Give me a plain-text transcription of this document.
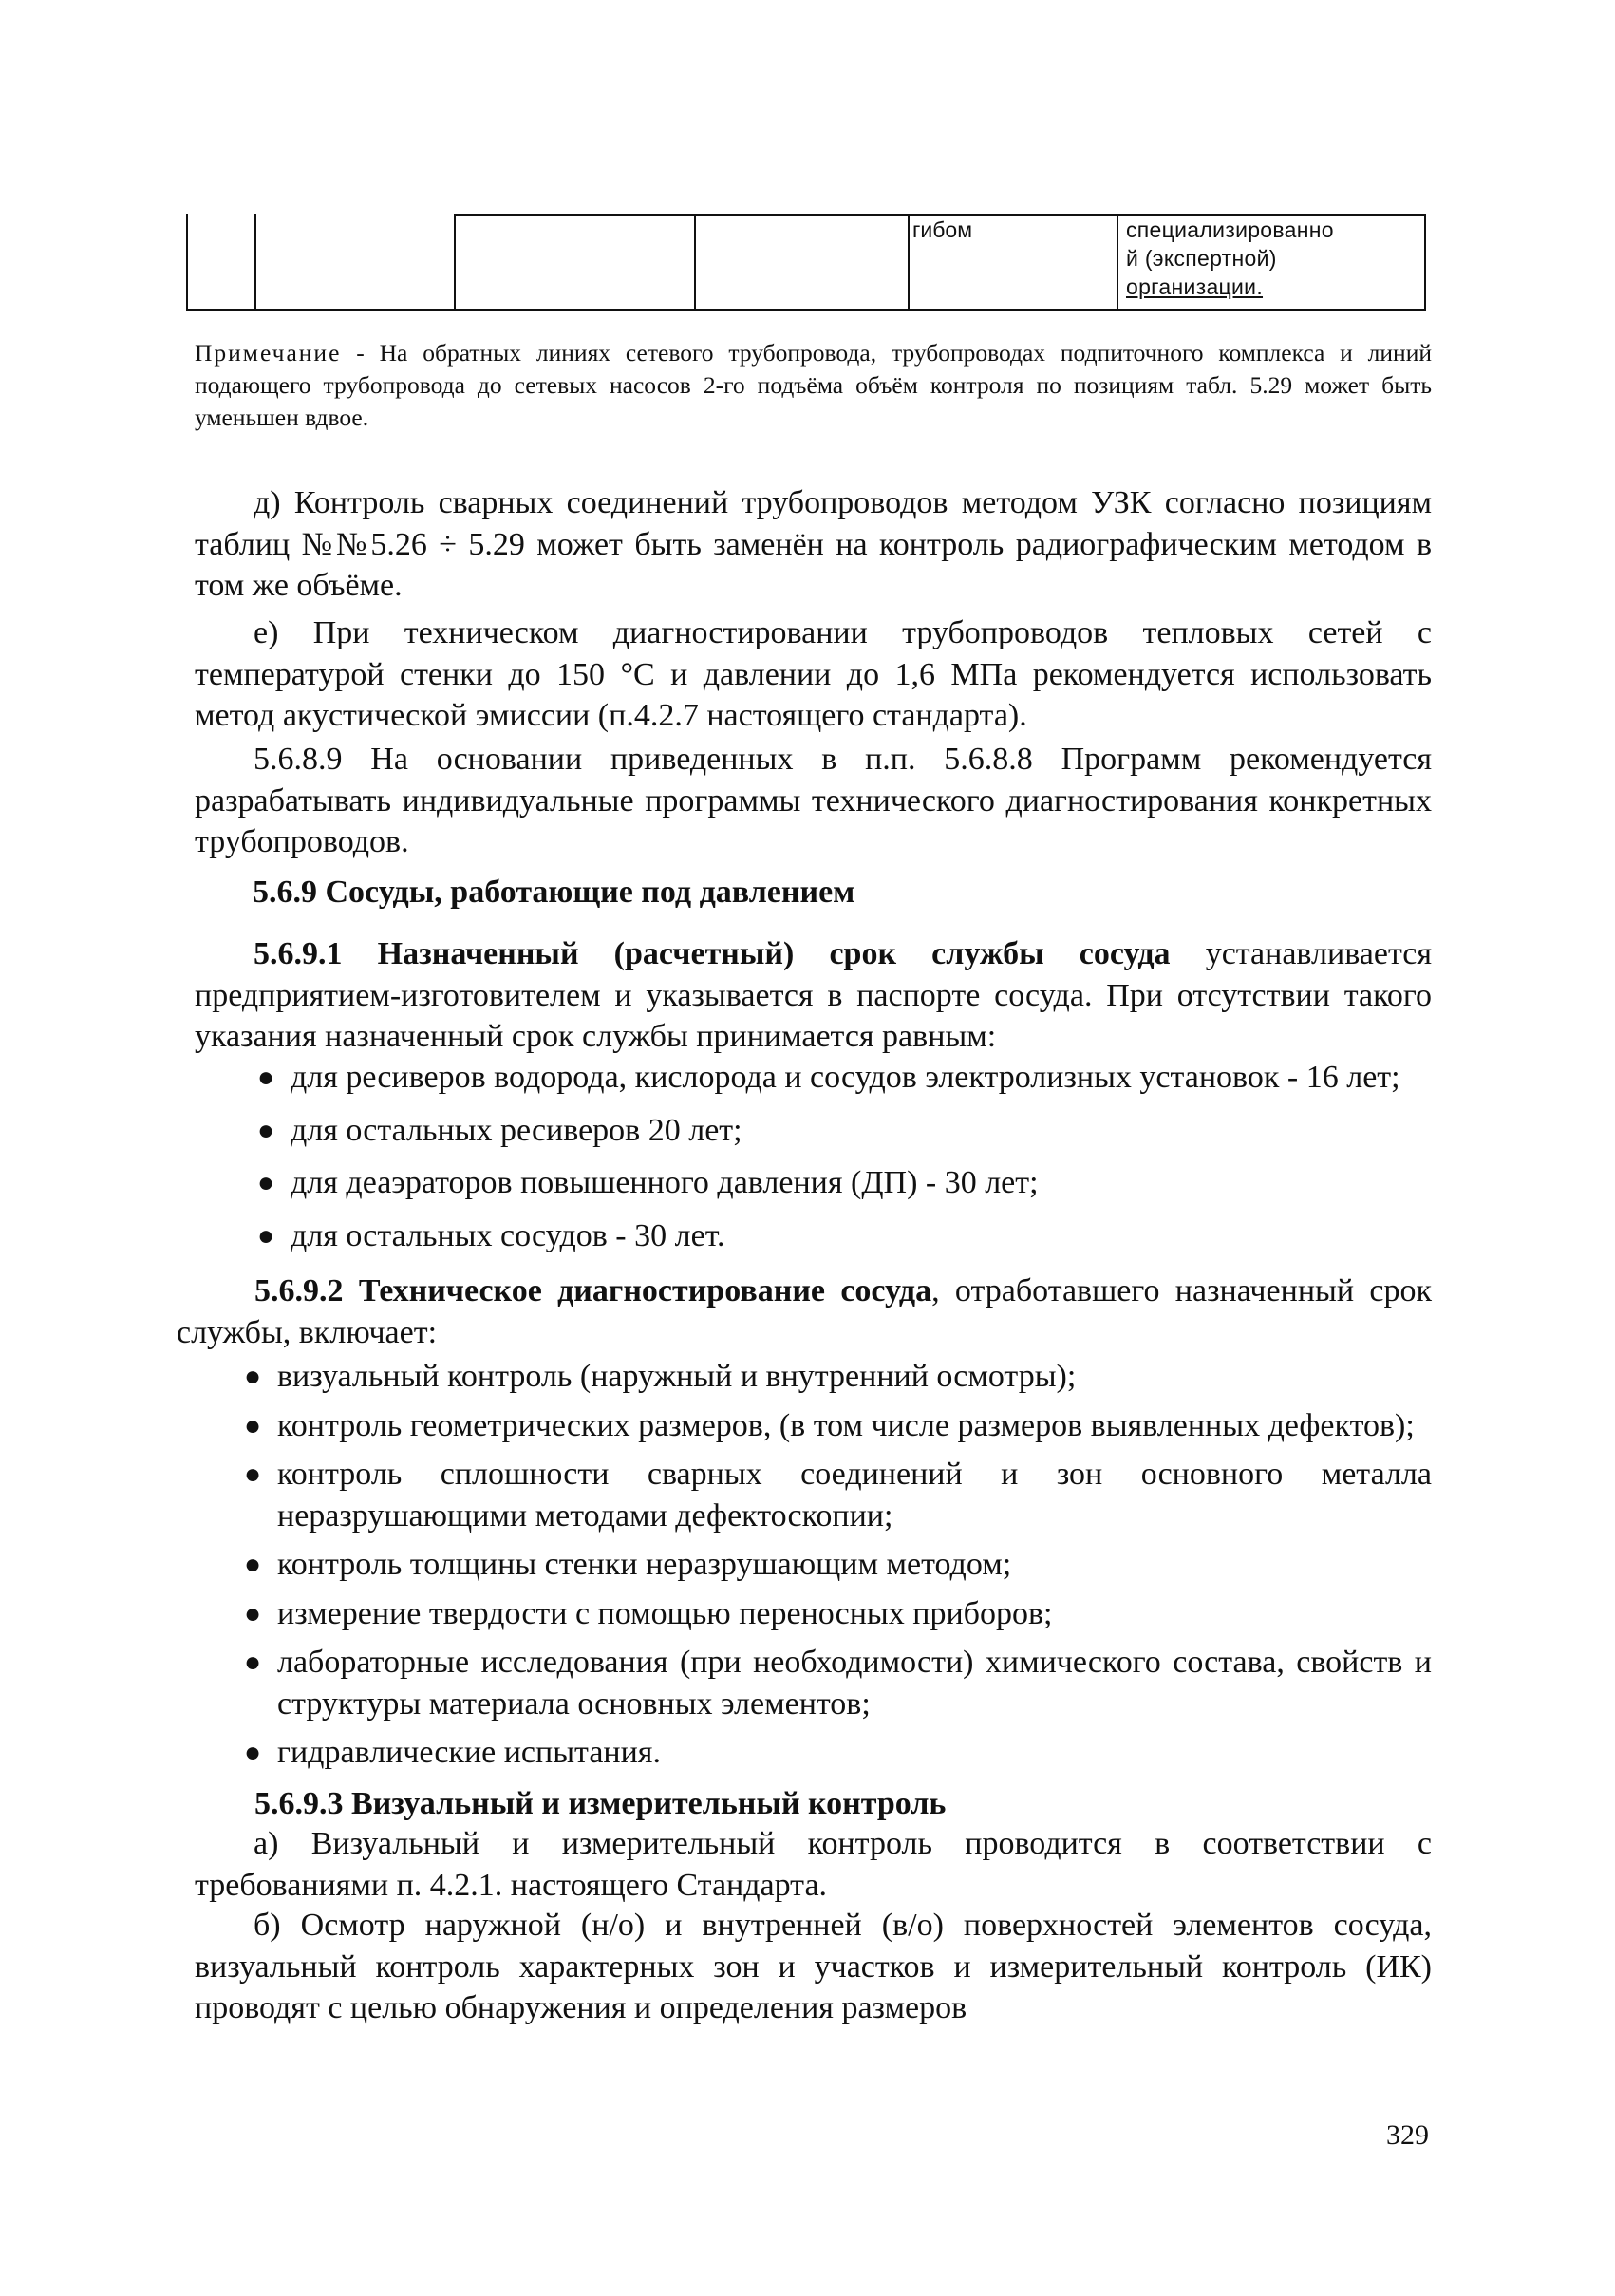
гибом	специализированно
й (экспертной)
организации.
Примечание - На обратных линиях сетевого трубопровода, трубопроводах подпиточного комплекса и линий подающего трубопровода до сетевых насосов 2-го подъёма объём контроля по позициям табл. 5.29 может быть уменьшен вдвое.

д) Контроль сварных соединений трубопроводов методом УЗК согласно позициям таблиц №№5.26 ÷ 5.29 может быть заменён на контроль радиографическим методом в том же объёме.

е) При техническом диагностировании трубопроводов тепловых сетей с температурой стенки до 150 °С и давлении до 1,6 МПа рекомендуется использовать метод акустической эмиссии (п.4.2.7 настоящего стандарта).

5.6.8.9 На основании приведенных в п.п. 5.6.8.8 Программ рекомендуется разрабатывать индивидуальные программы технического диагностирования конкретных трубопроводов.

5.6.9 Сосуды, работающие под давлением

5.6.9.1 Назначенный (расчетный) срок службы сосуда устанавливается предприятием-изготовителем и указывается в паспорте сосуда. При отсутствии такого указания назначенный срок службы принимается равным:

● для ресиверов водорода, кислорода и сосудов электролизных установок - 16 лет;
● для остальных ресиверов 20 лет;
● для деаэраторов повышенного давления (ДП) - 30 лет;
● для остальных сосудов - 30 лет.

5.6.9.2 Техническое диагностирование сосуда, отработавшего назначенный срок службы, включает:

● визуальный контроль (наружный и внутренний осмотры);
● контроль геометрических размеров, (в том числе размеров выявленных дефектов);
● контроль сплошности сварных соединений и зон основного металла неразрушающими методами дефектоскопии;
● контроль толщины стенки неразрушающим методом;
● измерение твердости с помощью переносных приборов;
● лабораторные исследования (при необходимости) химического состава, свойств и структуры материала основных элементов;
● гидравлические испытания.

5.6.9.3 Визуальный и измерительный контроль

а) Визуальный и измерительный контроль проводится в соответствии с требованиями п. 4.2.1. настоящего Стандарта.

б) Осмотр наружной (н/о) и внутренней (в/о) поверхностей элементов сосуда, визуальный контроль характерных зон и участков и измерительный контроль (ИК) проводят с целью обнаружения и определения размеров

329
